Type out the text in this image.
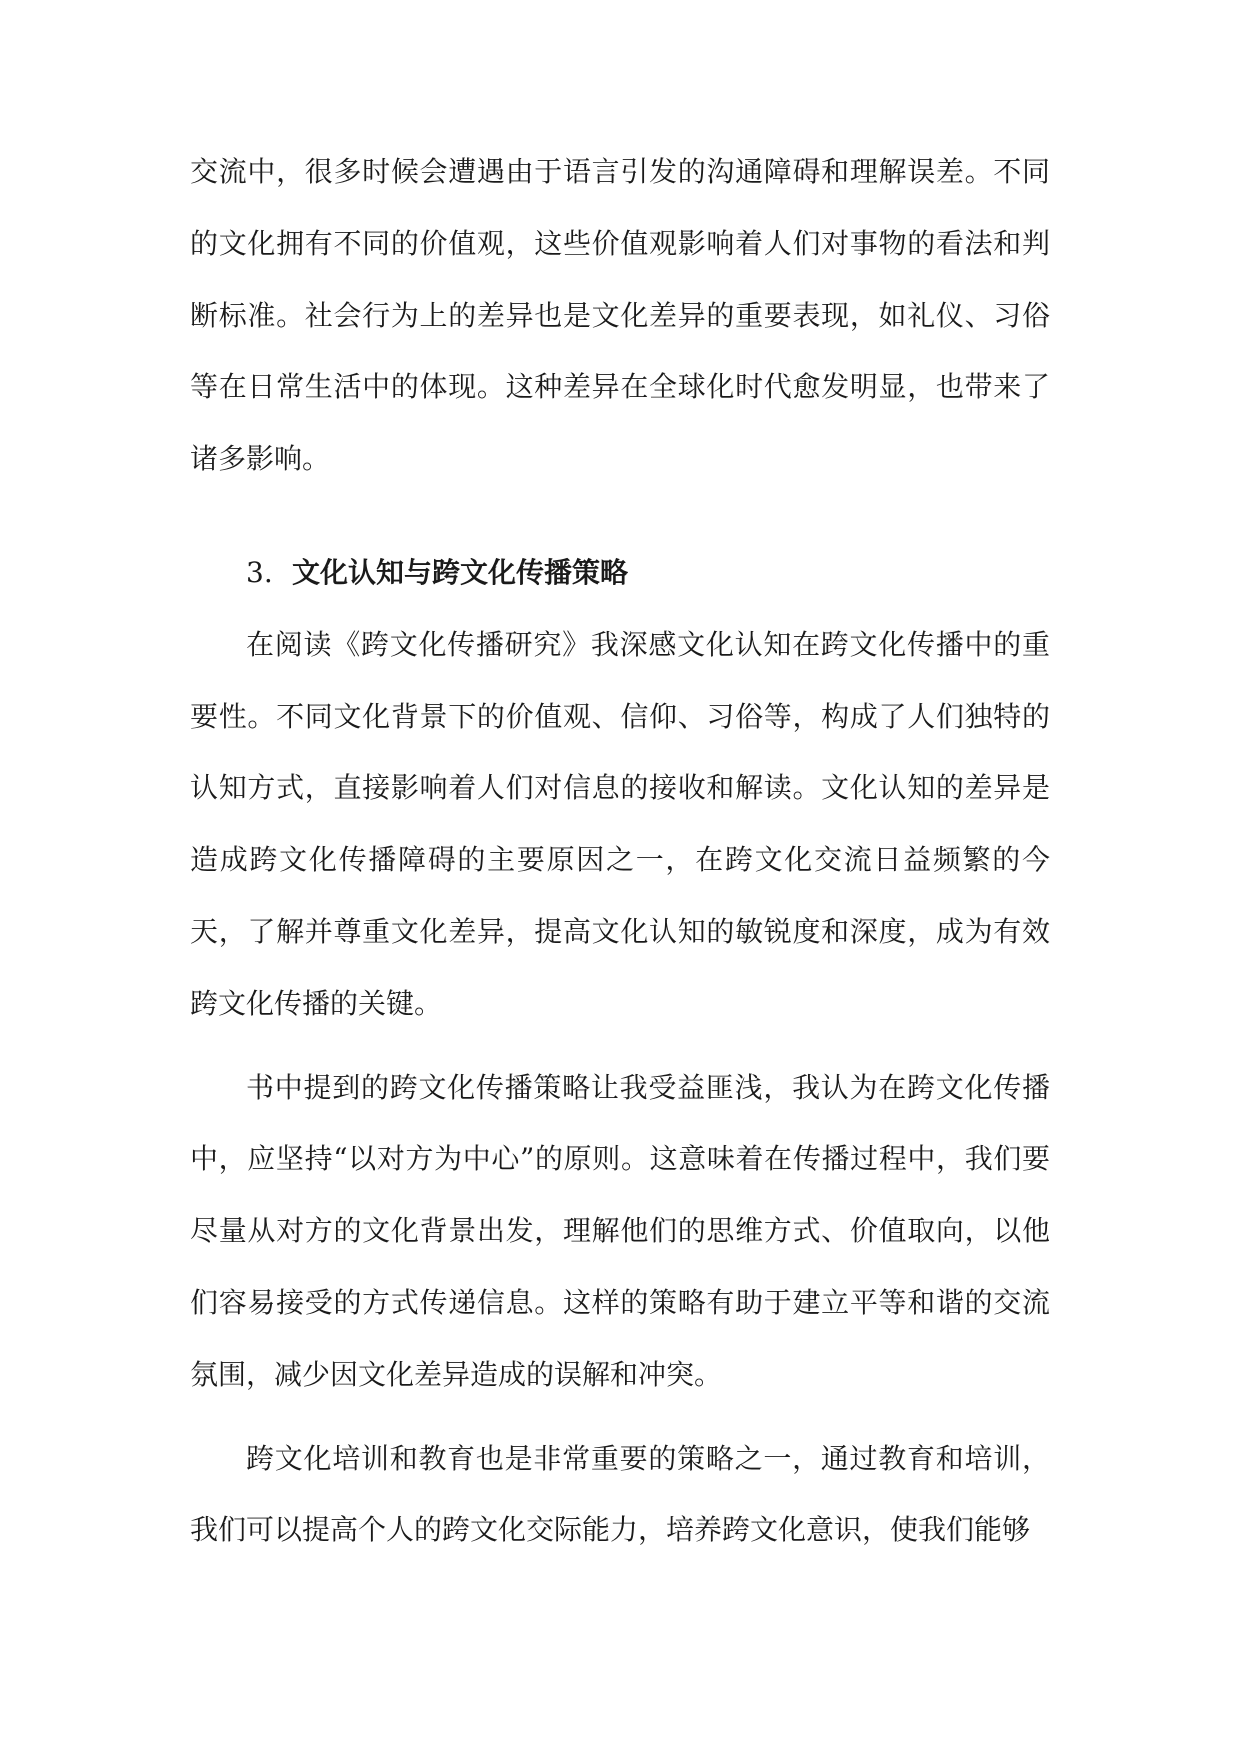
交流中，很多时候会遭遇由于语言引发的沟通障碍和理解误差。不同的文化拥有不同的价值观，这些价值观影响着人们对事物的看法和判断标准。社会行为上的差异也是文化差异的重要表现，如礼仪、习俗等在日常生活中的体现。这种差异在全球化时代愈发明显，也带来了诸多影响。

3. 文化认知与跨文化传播策略

在阅读《跨文化传播研究》我深感文化认知在跨文化传播中的重要性。不同文化背景下的价值观、信仰、习俗等，构成了人们独特的认知方式，直接影响着人们对信息的接收和解读。文化认知的差异是造成跨文化传播障碍的主要原因之一，在跨文化交流日益频繁的今天，了解并尊重文化差异，提高文化认知的敏锐度和深度，成为有效跨文化传播的关键。

书中提到的跨文化传播策略让我受益匪浅，我认为在跨文化传播中，应坚持“以对方为中心”的原则。这意味着在传播过程中，我们要尽量从对方的文化背景出发，理解他们的思维方式、价值取向，以他们容易接受的方式传递信息。这样的策略有助于建立平等和谐的交流氛围，减少因文化差异造成的误解和冲突。

跨文化培训和教育也是非常重要的策略之一，通过教育和培训，我们可以提高个人的跨文化交际能力，培养跨文化意识，使我们能够
